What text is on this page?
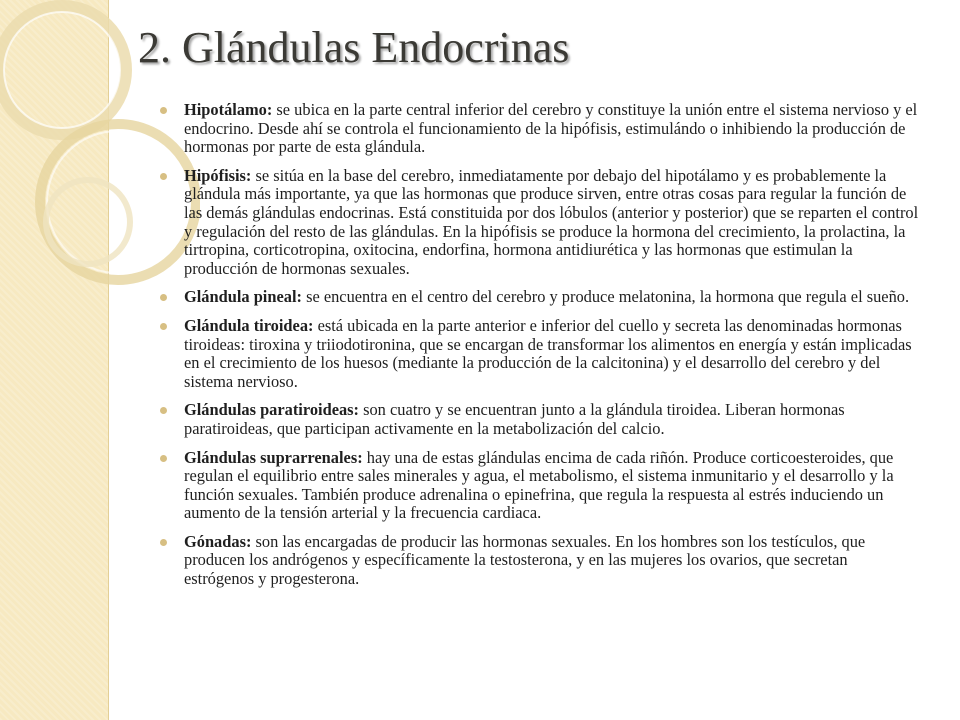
2. Glándulas Endocrinas
Hipotálamo: se ubica en la parte central inferior del cerebro y constituye la unión entre el sistema nervioso y el endocrino. Desde ahí se controla el funcionamiento de la hipófisis, estimulándo o inhibiendo la producción de hormonas por parte de esta glándula.
Hipófisis: se sitúa en la base del cerebro, inmediatamente por debajo del hipotálamo y es probablemente la glándula más importante, ya que las hormonas que produce sirven, entre otras cosas para regular la función de las demás glándulas endocrinas. Está constituida por dos lóbulos (anterior y posterior) que se reparten el control y regulación del resto de las glándulas. En la hipófisis se produce la hormona del crecimiento, la prolactina, la tirtropina, corticotropina, oxitocina, endorfina, hormona antidiurética y las hormonas que estimulan la producción de hormonas sexuales.
Glándula pineal: se encuentra en el centro del cerebro y produce melatonina, la hormona que regula el sueño.
Glándula tiroidea: está ubicada en la parte anterior e inferior del cuello y secreta las denominadas hormonas tiroideas: tiroxina y triiodotironina, que se encargan de transformar los alimentos en energía y están implicadas en el crecimiento de los huesos (mediante la producción de la calcitonina) y el desarrollo del cerebro y del sistema nervioso.
Glándulas paratiroideas: son cuatro y se encuentran junto a la glándula tiroidea. Liberan hormonas paratiroideas, que participan activamente en la metabolización del calcio.
Glándulas suprarrenales: hay una de estas glándulas encima de cada riñón. Produce corticoesteroides, que regulan el equilibrio entre sales minerales y agua, el metabolismo, el sistema inmunitario y el desarrollo y la función sexuales. También produce adrenalina o epinefrina, que regula la respuesta al estrés induciendo un aumento de la tensión arterial y la frecuencia cardiaca.
Gónadas: son las encargadas de producir las hormonas sexuales. En los hombres son los testículos, que producen los andrógenos y específicamente la testosterona, y en las mujeres los ovarios, que secretan estrógenos y progesterona.
